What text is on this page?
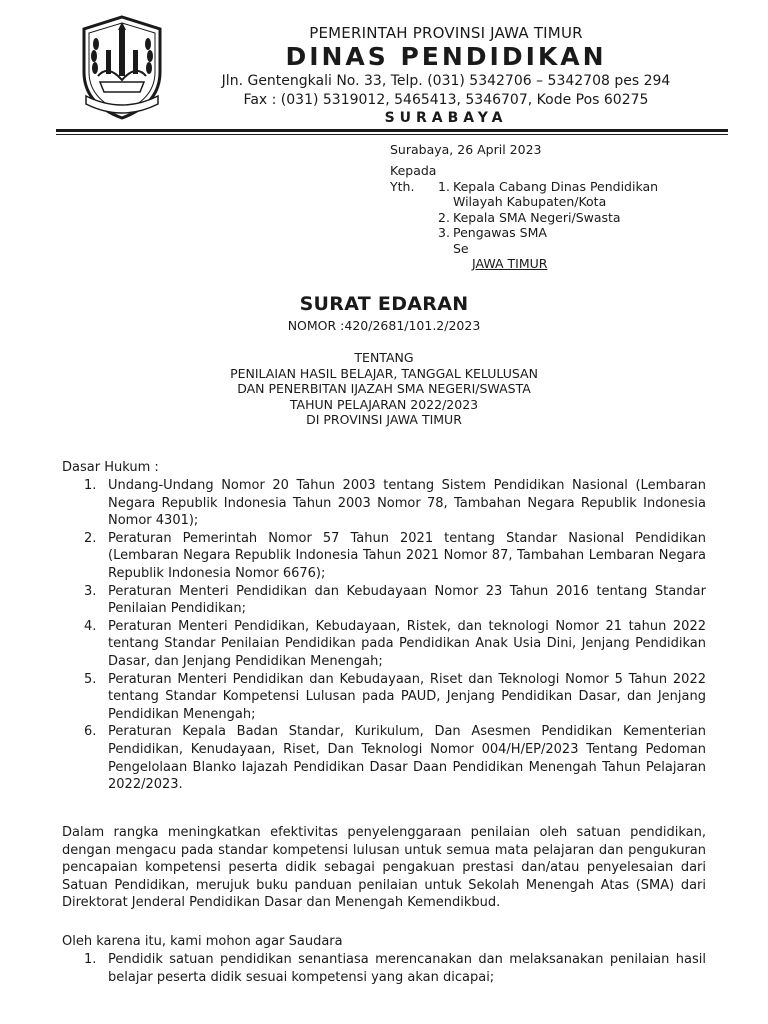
PEMERINTAH PROVINSI JAWA TIMUR
DINAS PENDIDIKAN
Jln. Gentengkali No. 33, Telp. (031) 5342706 – 5342708 pes 294
Fax : (031) 5319012, 5465413, 5346707, Kode Pos 60275
SURABAYA
Surabaya, 26 April 2023
Kepada
Yth. 1. Kepala Cabang Dinas Pendidikan
Wilayah Kabupaten/Kota
2. Kepala SMA Negeri/Swasta
3. Pengawas SMA
Se
JAWA TIMUR
SURAT EDARAN
NOMOR :420/2681/101.2/2023
TENTANG
PENILAIAN HASIL BELAJAR, TANGGAL KELULUSAN
DAN PENERBITAN IJAZAH SMA NEGERI/SWASTA
TAHUN PELAJARAN 2022/2023
DI PROVINSI JAWA TIMUR
Dasar Hukum :
1. Undang-Undang Nomor 20 Tahun 2003 tentang Sistem Pendidikan Nasional (Lembaran Negara Republik Indonesia Tahun 2003 Nomor 78, Tambahan Negara Republik Indonesia Nomor 4301);
2. Peraturan Pemerintah Nomor 57 Tahun 2021 tentang Standar Nasional Pendidikan (Lembaran Negara Republik Indonesia Tahun 2021 Nomor 87, Tambahan Lembaran Negara Republik Indonesia Nomor 6676);
3. Peraturan Menteri Pendidikan dan Kebudayaan Nomor 23 Tahun 2016 tentang Standar Penilaian Pendidikan;
4. Peraturan Menteri Pendidikan, Kebudayaan, Ristek, dan teknologi Nomor 21 tahun 2022 tentang Standar Penilaian Pendidikan pada Pendidikan Anak Usia Dini, Jenjang Pendidikan Dasar, dan Jenjang Pendidikan Menengah;
5. Peraturan Menteri Pendidikan dan Kebudayaan, Riset dan Teknologi Nomor 5 Tahun 2022 tentang Standar Kompetensi Lulusan pada PAUD, Jenjang Pendidikan Dasar, dan Jenjang Pendidikan Menengah;
6. Peraturan Kepala Badan Standar, Kurikulum, Dan Asesmen Pendidikan Kementerian Pendidikan, Kenudayaan, Riset, Dan Teknologi Nomor 004/H/EP/2023 Tentang Pedoman Pengelolaan Blanko Iajazah Pendidikan Dasar Daan Pendidikan Menengah Tahun Pelajaran 2022/2023.
Dalam rangka meningkatkan efektivitas penyelenggaraan penilaian oleh satuan pendidikan, dengan mengacu pada standar kompetensi lulusan untuk semua mata pelajaran dan pengukuran pencapaian kompetensi peserta didik sebagai pengakuan prestasi dan/atau penyelesaian dari Satuan Pendidikan, merujuk buku panduan penilaian untuk Sekolah Menengah Atas (SMA) dari Direktorat Jenderal Pendidikan Dasar dan Menengah Kemendikbud.
Oleh karena itu, kami mohon agar Saudara
1. Pendidik satuan pendidikan senantiasa merencanakan dan melaksanakan penilaian hasil belajar peserta didik sesuai kompetensi yang akan dicapai;
